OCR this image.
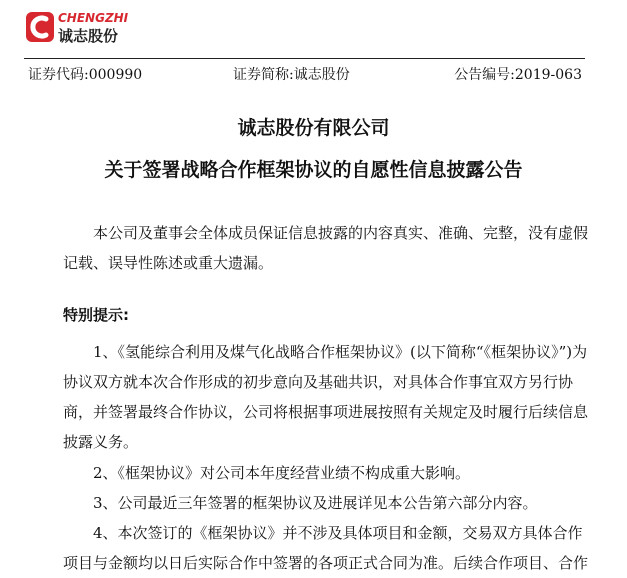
CHENGZHI
诚志股份
证券代码:000990	证券简称:诚志股份	公告编号:2019-063
诚志股份有限公司
关于签署战略合作框架协议的自愿性信息披露公告
本公司及董事会全体成员保证信息披露的内容真实、准确、完整，没有虚假记载、误导性陈述或重大遗漏。
特别提示:
1、《氢能综合利用及煤气化战略合作框架协议》(以下简称“《框架协议》”)为协议双方就本次合作形成的初步意向及基础共识，对具体合作事宜双方另行协商，并签署最终合作协议，公司将根据事项进展按照有关规定及时履行后续信息披露义务。
2、《框架协议》对公司本年度经营业绩不构成重大影响。
3、公司最近三年签署的框架协议及进展详见本公告第六部分内容。
4、本次签订的《框架协议》并不涉及具体项目和金额，交易双方具体合作项目与金额均以日后实际合作中签署的各项正式合同为准。后续合作项目、合作
